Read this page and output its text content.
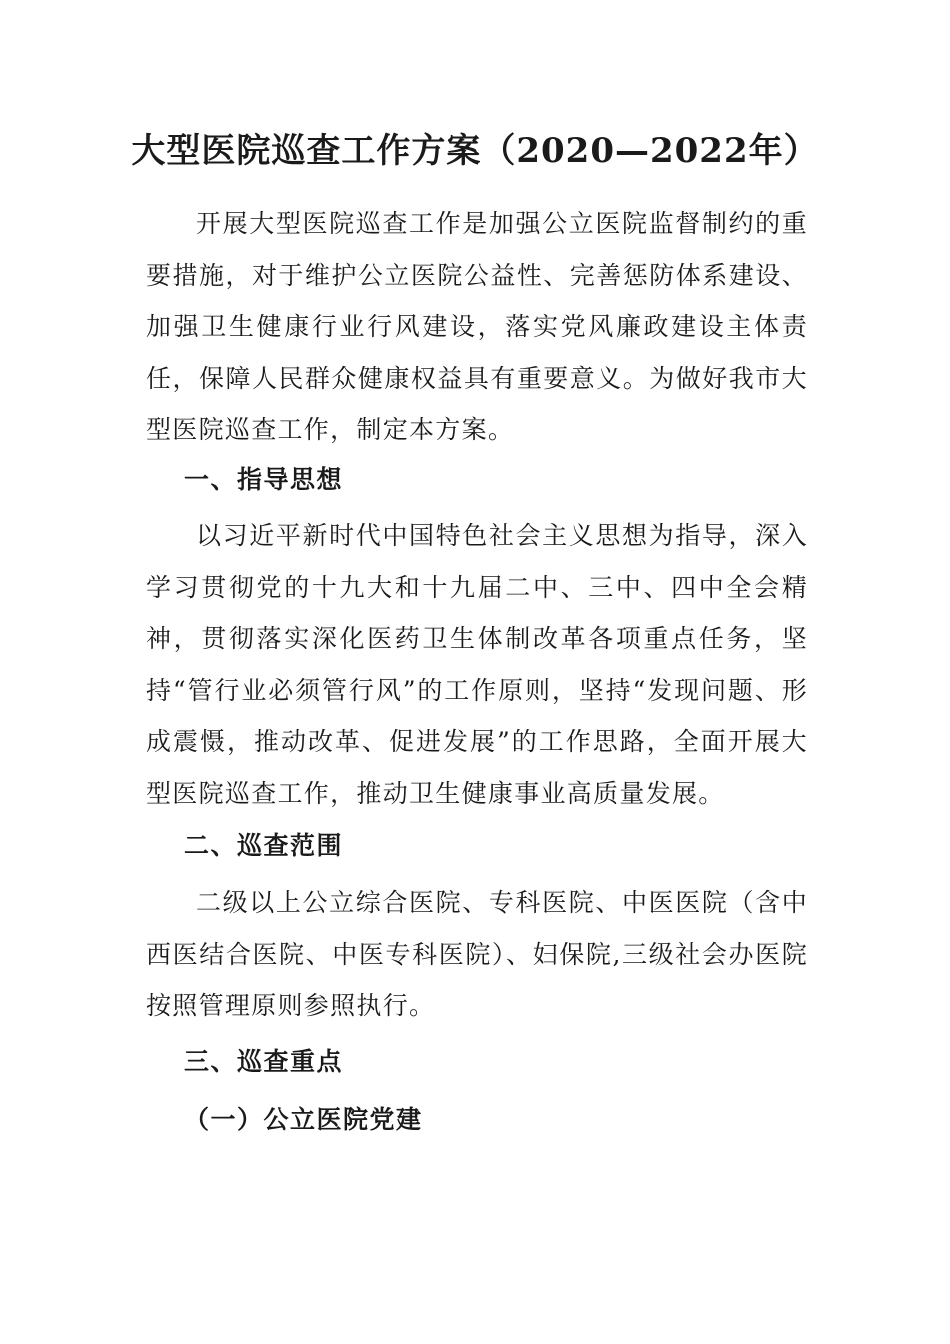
大型医院巡查工作方案（2020—2022年）

开展大型医院巡查工作是加强公立医院监督制约的重要措施，对于维护公立医院公益性、完善惩防体系建设、加强卫生健康行业行风建设，落实党风廉政建设主体责任，保障人民群众健康权益具有重要意义。为做好我市大型医院巡查工作，制定本方案。

一、指导思想

以习近平新时代中国特色社会主义思想为指导，深入学习贯彻党的十九大和十九届二中、三中、四中全会精神，贯彻落实深化医药卫生体制改革各项重点任务，坚持“管行业必须管行风”的工作原则，坚持“发现问题、形成震慑，推动改革、促进发展”的工作思路，全面开展大型医院巡查工作，推动卫生健康事业高质量发展。

二、巡查范围

二级以上公立综合医院、专科医院、中医医院（含中西医结合医院、中医专科医院）、妇保院,三级社会办医院按照管理原则参照执行。

三、巡查重点
（一）公立医院党建
